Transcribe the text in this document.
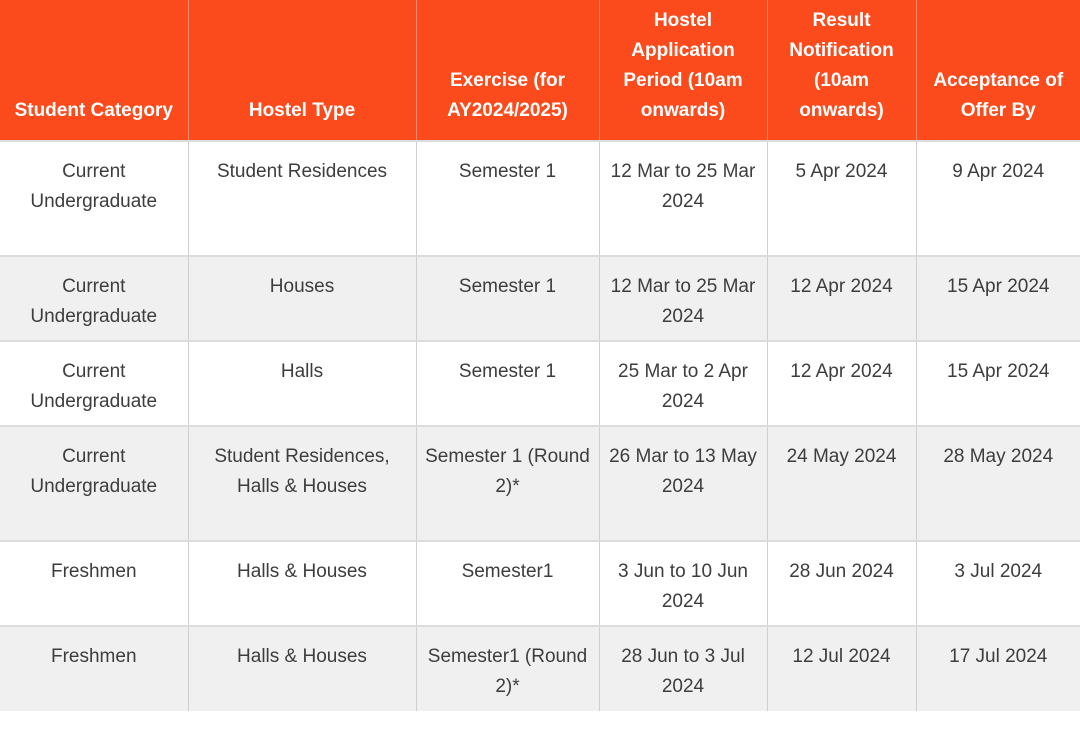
Student Category	Hostel Type	Exercise (for AY2024/2025)	Hostel Application Period (10am onwards)	Result Notification (10am onwards)	Acceptance of Offer By
Current Undergraduate	Student Residences	Semester 1	12 Mar to 25 Mar 2024	5 Apr 2024	9 Apr 2024
Current Undergraduate	Houses	Semester 1	12 Mar to 25 Mar 2024	12 Apr 2024	15 Apr 2024
Current Undergraduate	Halls	Semester 1	25 Mar to 2 Apr 2024	12 Apr 2024	15 Apr 2024
Current Undergraduate	Student Residences, Halls & Houses	Semester 1 (Round 2)*	26 Mar to 13 May 2024	24 May 2024	28 May 2024
Freshmen	Halls & Houses	Semester1	3 Jun to 10 Jun 2024	28 Jun 2024	3 Jul 2024
Freshmen	Halls & Houses	Semester1 (Round 2)*	28 Jun to 3 Jul 2024	12 Jul 2024	17 Jul 2024
